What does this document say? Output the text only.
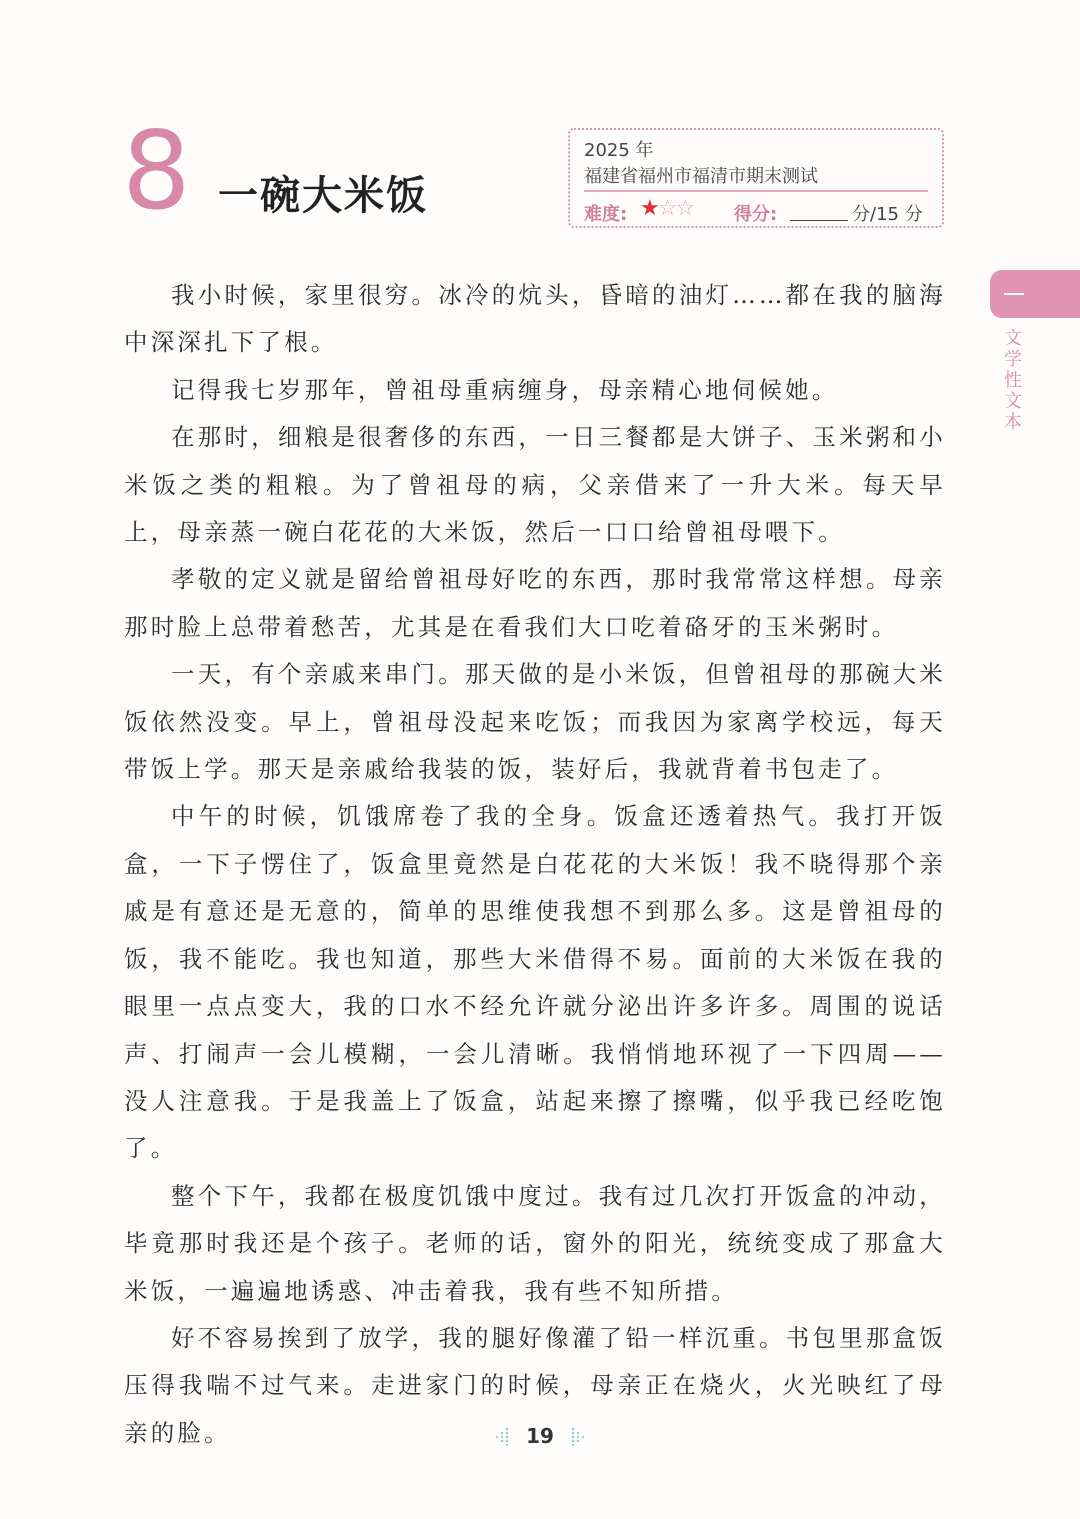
8 一碗大米饭
2025 年
福建省福州市福清市期末测试
难度: ★☆☆ 得分:	分/15 分
文学性文本

我小时候，家里很穷。冰冷的炕头，昏暗的油灯……都在我的脑海中深深扎下了根。

记得我七岁那年，曾祖母重病缠身，母亲精心地伺候她。

在那时，细粮是很奢侈的东西，一日三餐都是大饼子、玉米粥和小米饭之类的粗粮。为了曾祖母的病，父亲借来了一升大米。每天早上，母亲蒸一碗白花花的大米饭，然后一口口给曾祖母喂下。

孝敬的定义就是留给曾祖母好吃的东西，那时我常常这样想。母亲那时脸上总带着愁苦，尤其是在看我们大口吃着硌牙的玉米粥时。

一天，有个亲戚来串门。那天做的是小米饭，但曾祖母的那碗大米饭依然没变。早上，曾祖母没起来吃饭；而我因为家离学校远，每天带饭上学。那天是亲戚给我装的饭，装好后，我就背着书包走了。

中午的时候，饥饿席卷了我的全身。饭盒还透着热气。我打开饭盒，一下子愣住了，饭盒里竟然是白花花的大米饭！我不晓得那个亲戚是有意还是无意的，简单的思维使我想不到那么多。这是曾祖母的饭，我不能吃。我也知道，那些大米借得不易。面前的大米饭在我的眼里一点点变大，我的口水不经允许就分泌出许多许多。周围的说话声、打闹声一会儿模糊，一会儿清晰。我悄悄地环视了一下四周——没人注意我。于是我盖上了饭盒，站起来擦了擦嘴，似乎我已经吃饱了。

整个下午，我都在极度饥饿中度过。我有过几次打开饭盒的冲动，毕竟那时我还是个孩子。老师的话，窗外的阳光，统统变成了那盒大米饭，一遍遍地诱惑、冲击着我，我有些不知所措。

好不容易挨到了放学，我的腿好像灌了铅一样沉重。书包里那盒饭压得我喘不过气来。走进家门的时候，母亲正在烧火，火光映红了母亲的脸。	19
